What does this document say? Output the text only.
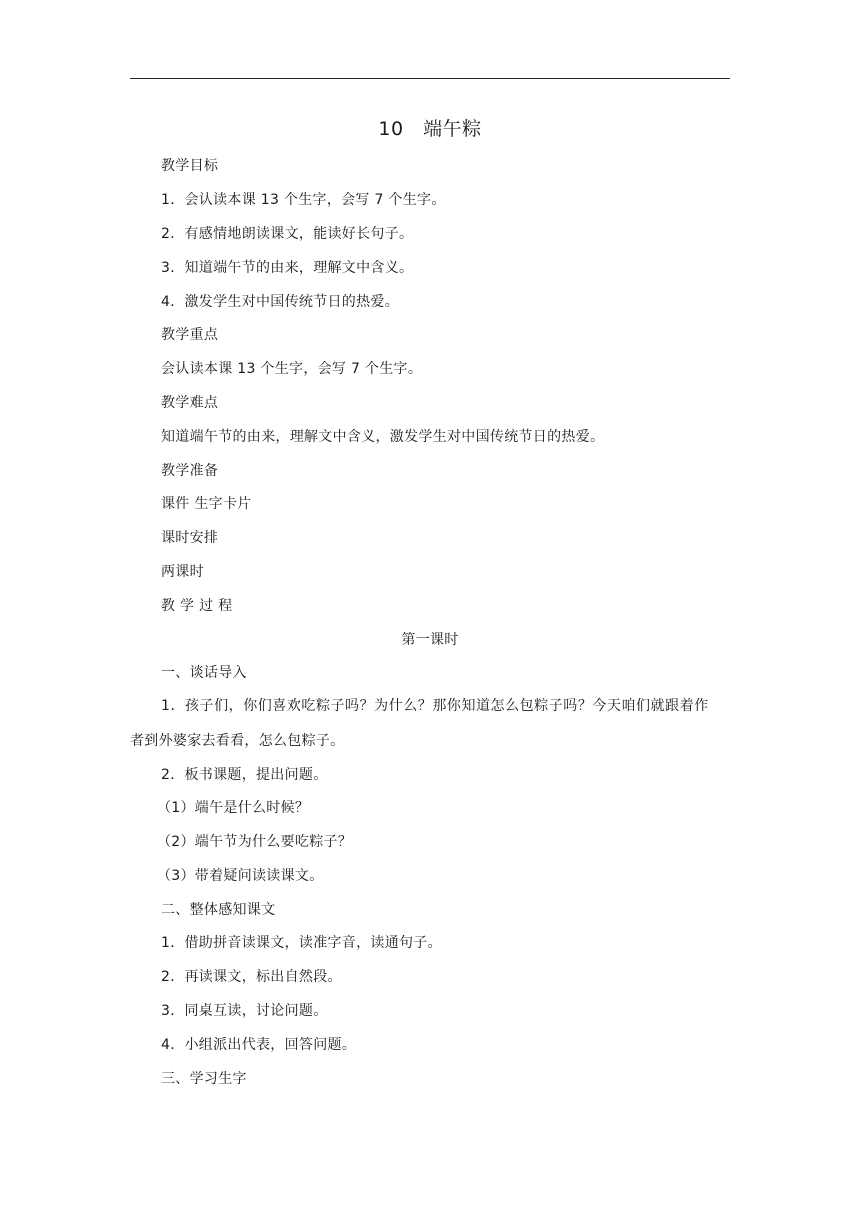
10　端午粽
教学目标
1．会认读本课 13 个生字，会写 7 个生字。
2．有感情地朗读课文，能读好长句子。
3．知道端午节的由来，理解文中含义。
4．激发学生对中国传统节日的热爱。
教学重点
会认读本课 13 个生字，会写 7 个生字。
教学难点
知道端午节的由来，理解文中含义，激发学生对中国传统节日的热爱。
教学准备
课件 生字卡片
课时安排
两课时
教 学 过 程
第一课时
一、谈话导入
1．孩子们，你们喜欢吃粽子吗？为什么？那你知道怎么包粽子吗？今天咱们就跟着作
者到外婆家去看看，怎么包粽子。
2．板书课题，提出问题。
（1）端午是什么时候？
（2）端午节为什么要吃粽子？
（3）带着疑问读读课文。
二、整体感知课文
1．借助拼音读课文，读准字音，读通句子。
2．再读课文，标出自然段。
3．同桌互读，讨论问题。
4．小组派出代表，回答问题。
三、学习生字
